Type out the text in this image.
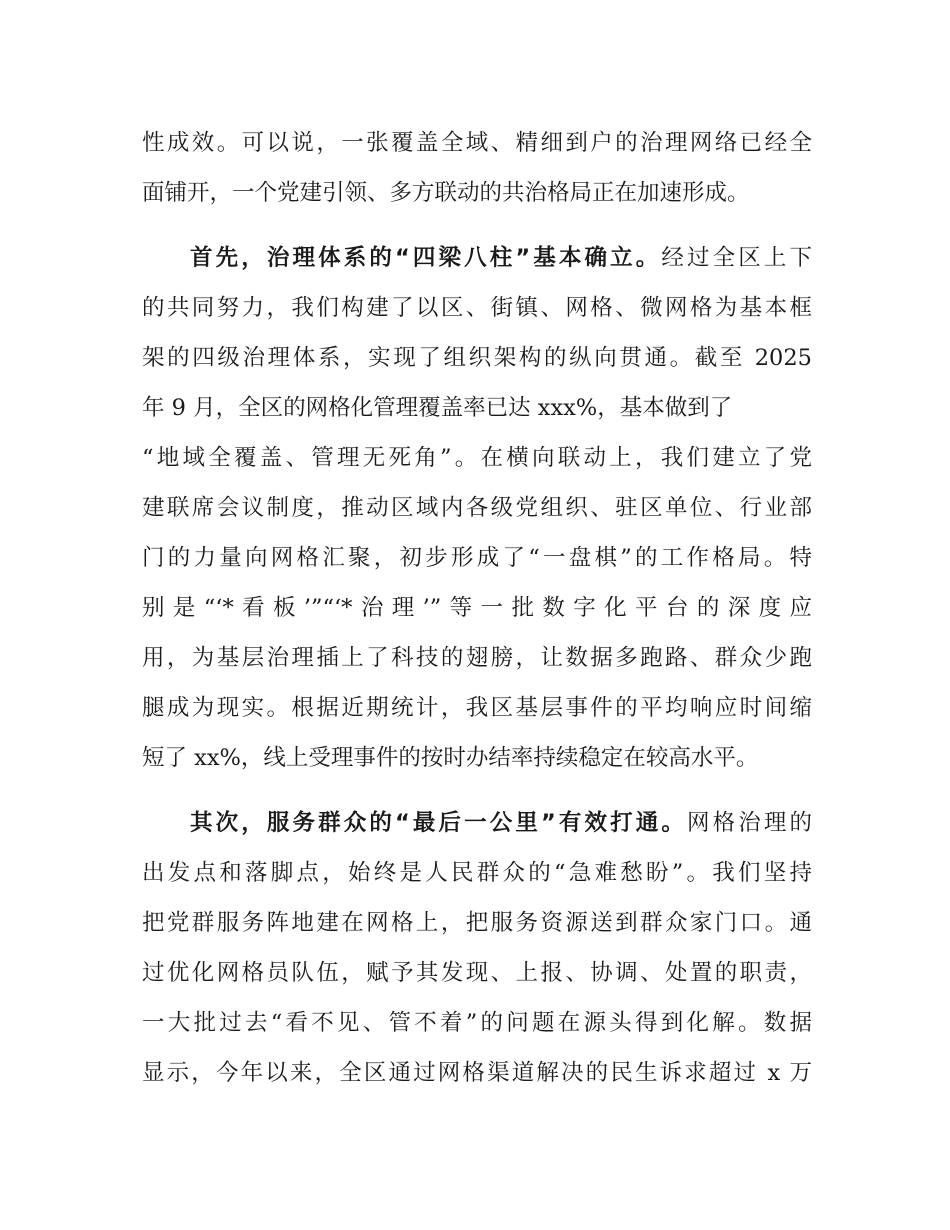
性成效。可以说，一张覆盖全域、精细到户的治理网络已经全
面铺开，一个党建引领、多方联动的共治格局正在加速形成。
首先，治理体系的“四梁八柱”基本确立。经过全区上下
的共同努力，我们构建了以区、街镇、网格、微网格为基本框
架的四级治理体系，实现了组织架构的纵向贯通。截至 2025
年 9 月，全区的网格化管理覆盖率已达 xxx%，基本做到了
“地域全覆盖、管理无死角”。在横向联动上，我们建立了党
建联席会议制度，推动区域内各级党组织、驻区单位、行业部
门的力量向网格汇聚，初步形成了“一盘棋”的工作格局。特
别是“‘*看板’”“‘*治理’”等一批数字化平台的深度应
用，为基层治理插上了科技的翅膀，让数据多跑路、群众少跑
腿成为现实。根据近期统计，我区基层事件的平均响应时间缩
短了 xx%，线上受理事件的按时办结率持续稳定在较高水平。
其次，服务群众的“最后一公里”有效打通。网格治理的
出发点和落脚点，始终是人民群众的“急难愁盼”。我们坚持
把党群服务阵地建在网格上，把服务资源送到群众家门口。通
过优化网格员队伍，赋予其发现、上报、协调、处置的职责，
一大批过去“看不见、管不着”的问题在源头得到化解。数据
显示，今年以来，全区通过网格渠道解决的民生诉求超过 x 万
